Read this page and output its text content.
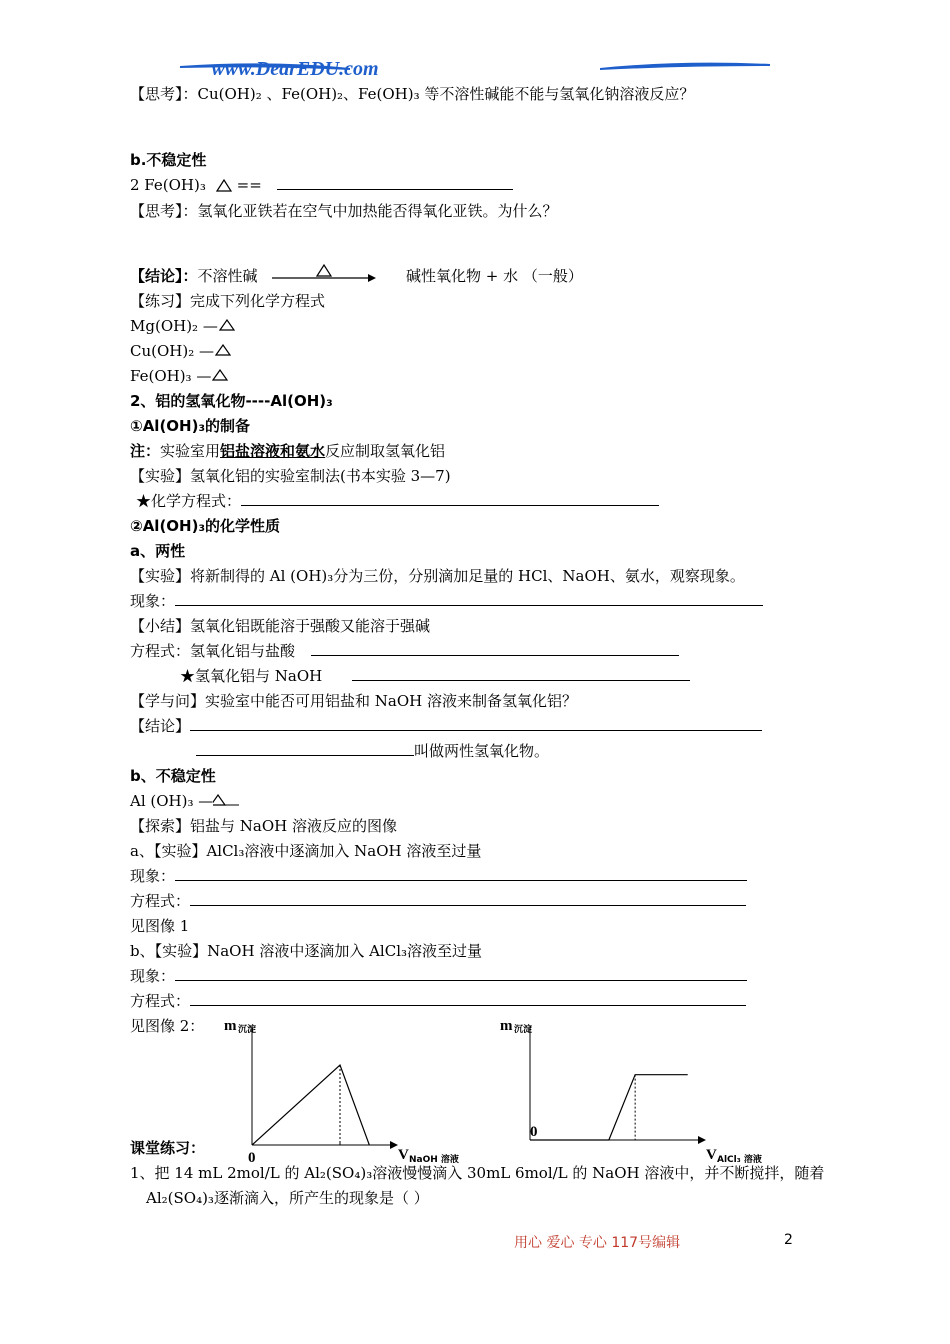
www.DearEDU.com
【思考】：Cu(OH)₂ 、Fe(OH)₂、Fe(OH)₃ 等不溶性碱能不能与氢氧化钠溶液反应？
b.不稳定性
2 Fe(OH)₃
==
【思考】：氢氧化亚铁若在空气中加热能否得氧化亚铁。为什么？
【结论】：不溶性碱	碱性氧化物 + 水 （一般）
【练习】完成下列化学方程式
Mg(OH)₂ —
Cu(OH)₂ —
Fe(OH)₃ —
2、铝的氢氧化物----Al(OH)₃
①Al(OH)₃的制备
注：实验室用铝盐溶液和氨水反应制取氢氧化铝
【实验】氢氧化铝的实验室制法(书本实验 3—7)
★化学方程式：
②Al(OH)₃的化学性质
a、两性
【实验】将新制得的 Al (OH)₃分为三份，分别滴加足量的 HCl、NaOH、氨水，观察现象。
现象：
【小结】氢氧化铝既能溶于强酸又能溶于强碱
方程式：氢氧化铝与盐酸
★氢氧化铝与 NaOH
【学与问】实验室中能否可用铝盐和 NaOH 溶液来制备氢氧化铝？
【结论】
叫做两性氢氧化物。
b、不稳定性
Al (OH)₃ —
【探索】铝盐与 NaOH 溶液反应的图像
a、【实验】AlCl₃溶液中逐滴加入 NaOH 溶液至过量
现象：
方程式：
见图像 1
b、【实验】NaOH 溶液中逐滴加入 AlCl₃溶液至过量
现象：
方程式：
见图像 2： m 沉淀
0	V NaOH 溶液
m 沉淀
0
V AlCl₃ 溶液
课堂练习：
1、把 14 mL 2mol/L 的 Al₂(SO₄)₃溶液慢慢滴入 30mL 6mol/L 的 NaOH 溶液中，并不断搅拌，随着
Al₂(SO₄)₃逐渐滴入，所产生的现象是（ ）
用心 爱心 专心 117号编辑	2
